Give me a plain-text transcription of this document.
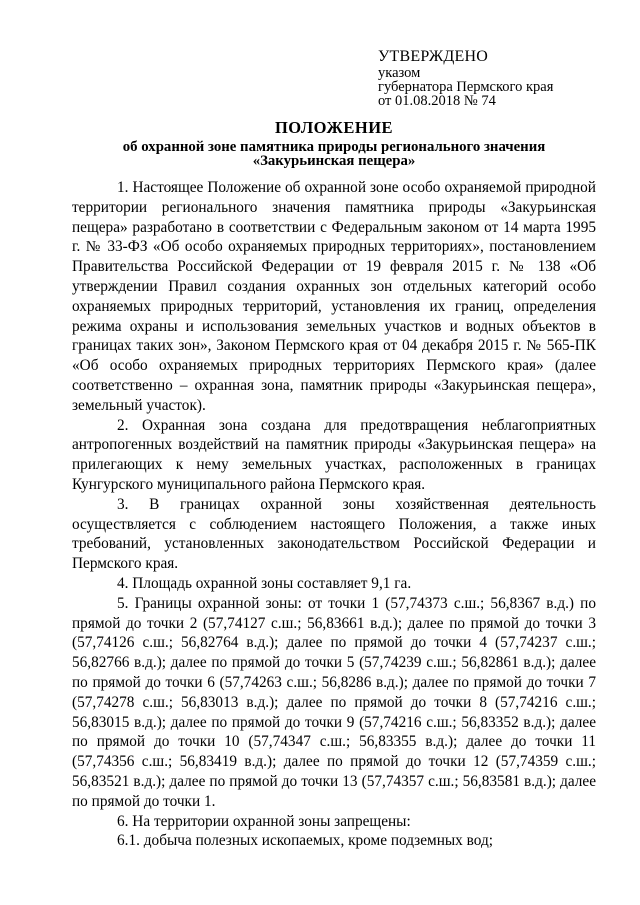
УТВЕРЖДЕНО
указом
губернатора Пермского края
от 01.08.2018 № 74
ПОЛОЖЕНИЕ
об охранной зоне памятника природы регионального значения
«Закурьинская пещера»

1. Настоящее Положение об охранной зоне особо охраняемой природной территории регионального значения памятника природы «Закурьинская пещера» разработано в соответствии с Федеральным законом от 14 марта 1995 г. № 33-ФЗ «Об особо охраняемых природных территориях», постановлением Правительства Российской Федерации от 19 февраля 2015 г. № 138 «Об утверждении Правил создания охранных зон отдельных категорий особо охраняемых природных территорий, установления их границ, определения режима охраны и использования земельных участков и водных объектов в границах таких зон», Законом Пермского края от 04 декабря 2015 г. № 565-ПК «Об особо охраняемых природных территориях Пермского края» (далее соответственно – охранная зона, памятник природы «Закурьинская пещера», земельный участок).

2. Охранная зона создана для предотвращения неблагоприятных антропогенных воздействий на памятник природы «Закурьинская пещера» на прилегающих к нему земельных участках, расположенных в границах Кунгурского муниципального района Пермского края.

3. В границах охранной зоны хозяйственная деятельность осуществляется с соблюдением настоящего Положения, а также иных требований, установленных законодательством Российской Федерации и Пермского края.

4. Площадь охранной зоны составляет 9,1 га.

5. Границы охранной зоны: от точки 1 (57,74373 с.ш.; 56,8367 в.д.) по прямой до точки 2 (57,74127 с.ш.; 56,83661 в.д.); далее по прямой до точки 3 (57,74126 с.ш.; 56,82764 в.д.); далее по прямой до точки 4 (57,74237 с.ш.; 56,82766 в.д.); далее по прямой до точки 5 (57,74239 с.ш.; 56,82861 в.д.); далее по прямой до точки 6 (57,74263 с.ш.; 56,8286 в.д.); далее по прямой до точки 7 (57,74278 с.ш.; 56,83013 в.д.); далее по прямой до точки 8 (57,74216 с.ш.; 56,83015 в.д.); далее по прямой до точки 9 (57,74216 с.ш.; 56,83352 в.д.); далее по прямой до точки 10 (57,74347 с.ш.; 56,83355 в.д.); далее до точки 11 (57,74356 с.ш.; 56,83419 в.д.); далее по прямой до точки 12 (57,74359 с.ш.; 56,83521 в.д.); далее по прямой до точки 13 (57,74357 с.ш.; 56,83581 в.д.); далее по прямой до точки 1.

6. На территории охранной зоны запрещены:

6.1. добыча полезных ископаемых, кроме подземных вод;
